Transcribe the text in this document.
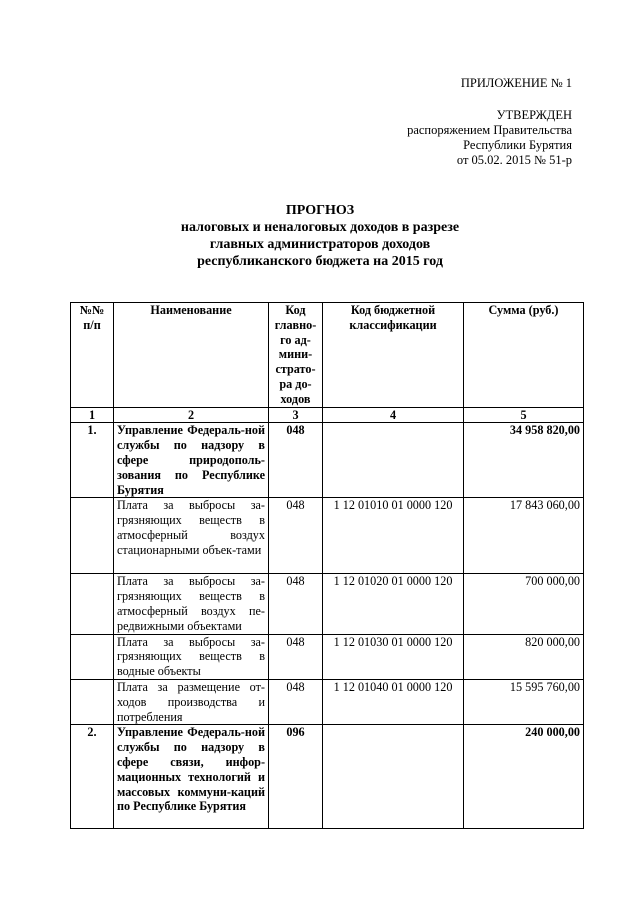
ПРИЛОЖЕНИЕ № 1
УТВЕРЖДЕН
распоряжением Правительства
Республики Бурятия
от 05.02. 2015 № 51-р
ПРОГНОЗ
налоговых и неналоговых доходов в разрезе
главных администраторов доходов
республиканского бюджета на 2015 год
№№ п/п	Наименование	Код главно-го ад-мини-страто-ра до-ходов	Код бюджетной классификации	Сумма (руб.)
1	2	3	4	5
1.	Управление Федераль-ной службы по надзору в сфере природополь-зования по Республике Бурятия	048		34 958 820,00
	Плата за выбросы за-грязняющих веществ в атмосферный воздух стационарными объек-тами	048	1 12 01010 01 0000 120	17 843 060,00
	Плата за выбросы за-грязняющих веществ в атмосферный воздух пе-редвижными объектами	048	1 12 01020 01 0000 120	700 000,00
	Плата за выбросы за-грязняющих веществ в водные объекты	048	1 12 01030 01 0000 120	820 000,00
	Плата за размещение от-ходов производства и потребления	048	1 12 01040 01 0000 120	15 595 760,00
2.	Управление Федераль-ной службы по надзору в сфере связи, инфор-мационных технологий и массовых коммуни-каций по Республике Бурятия	096		240 000,00
